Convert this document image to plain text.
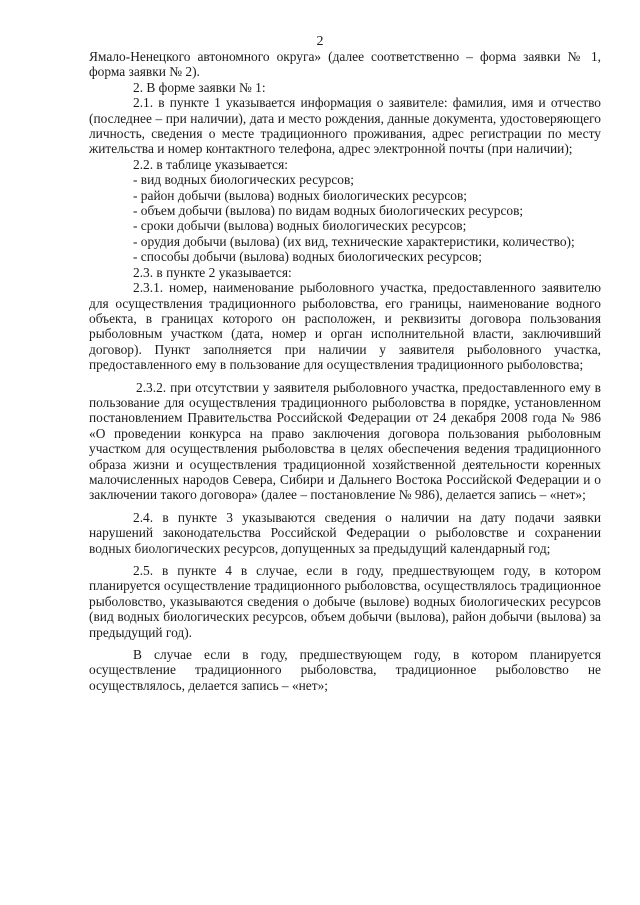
2

Ямало-Ненецкого автономного округа» (далее соответственно – форма заявки № 1, форма заявки № 2).

2. В форме заявки № 1:

2.1. в пункте 1 указывается информация о заявителе: фамилия, имя и отчество (последнее – при наличии), дата и место рождения, данные документа, удостоверяющего личность, сведения о месте традиционного проживания, адрес регистрации по месту жительства и номер контактного телефона, адрес электронной почты (при наличии);

2.2. в таблице указывается:

- вид водных биологических ресурсов;

- район добычи (вылова) водных биологических ресурсов;

- объем добычи (вылова) по видам водных биологических ресурсов;

- сроки добычи (вылова) водных биологических ресурсов;

- орудия добычи (вылова) (их вид, технические характеристики, количество);

- способы добычи (вылова) водных биологических ресурсов;

2.3. в пункте 2 указывается:

2.3.1. номер, наименование рыболовного участка, предоставленного заявителю для осуществления традиционного рыболовства, его границы, наименование водного объекта, в границах которого он расположен, и реквизиты договора пользования рыболовным участком (дата, номер и орган исполнительной власти, заключивший договор). Пункт заполняется при наличии у заявителя рыболовного участка, предоставленного ему в пользование для осуществления традиционного рыболовства;

2.3.2. при отсутствии у заявителя рыболовного участка, предоставленного ему в пользование для осуществления традиционного рыболовства в порядке, установленном постановлением Правительства Российской Федерации от 24 декабря 2008 года № 986 «О проведении конкурса на право заключения договора пользования рыболовным участком для осуществления рыболовства в целях обеспечения ведения традиционного образа жизни и осуществления традиционной хозяйственной деятельности коренных малочисленных народов Севера, Сибири и Дальнего Востока Российской Федерации и о заключении такого договора» (далее – постановление № 986), делается запись – «нет»;

2.4. в пункте 3 указываются сведения о наличии на дату подачи заявки нарушений законодательства Российской Федерации о рыболовстве и сохранении водных биологических ресурсов, допущенных за предыдущий календарный год;

2.5. в пункте 4 в случае, если в году, предшествующем году, в котором планируется осуществление традиционного рыболовства, осуществлялось традиционное рыболовство, указываются сведения о добыче (вылове) водных биологических ресурсов (вид водных биологических ресурсов, объем добычи (вылова), район добычи (вылова) за предыдущий год).

В случае если в году, предшествующем году, в котором планируется осуществление традиционного рыболовства, традиционное рыболовство не осуществлялось, делается запись – «нет»;
